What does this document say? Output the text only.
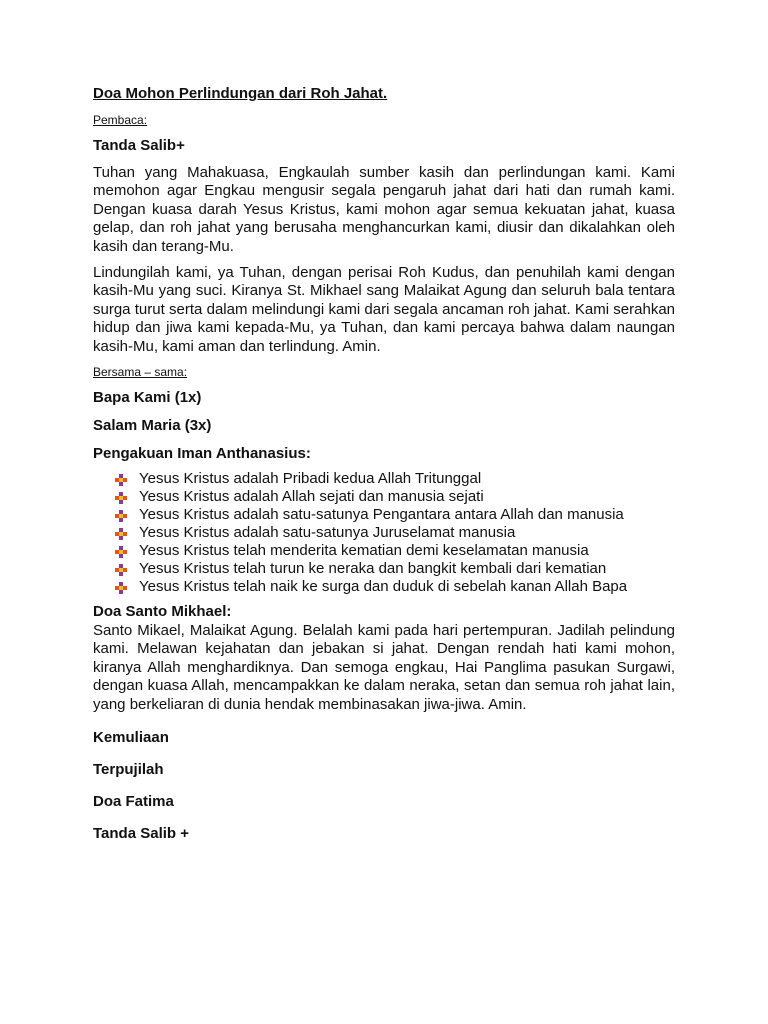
Doa Mohon Perlindungan dari Roh Jahat.

Pembaca:

Tanda Salib+

Tuhan yang Mahakuasa, Engkaulah sumber kasih dan perlindungan kami. Kami memohon agar Engkau mengusir segala pengaruh jahat dari hati dan rumah kami. Dengan kuasa darah Yesus Kristus, kami mohon agar semua kekuatan jahat, kuasa gelap, dan roh jahat yang berusaha menghancurkan kami, diusir dan dikalahkan oleh kasih dan terang-Mu.

Lindungilah kami, ya Tuhan, dengan perisai Roh Kudus, dan penuhilah kami dengan kasih-Mu yang suci. Kiranya St. Mikhael sang Malaikat Agung dan seluruh bala tentara surga turut serta dalam melindungi kami dari segala ancaman roh jahat. Kami serahkan hidup dan jiwa kami kepada-Mu, ya Tuhan, dan kami percaya bahwa dalam naungan kasih-Mu, kami aman dan terlindung. Amin.

Bersama – sama:

Bapa Kami (1x)

Salam Maria (3x)

Pengakuan Iman Anthanasius:

Yesus Kristus adalah Pribadi kedua Allah Tritunggal
Yesus Kristus adalah Allah sejati dan manusia sejati
Yesus Kristus adalah satu-satunya Pengantara antara Allah dan manusia
Yesus Kristus adalah satu-satunya Juruselamat manusia
Yesus Kristus telah menderita kematian demi keselamatan manusia
Yesus Kristus telah turun ke neraka dan bangkit kembali dari kematian
Yesus Kristus telah naik ke surga dan duduk di sebelah kanan Allah Bapa

Doa Santo Mikhael:

Santo Mikael, Malaikat Agung. Belalah kami pada hari pertempuran. Jadilah pelindung kami. Melawan kejahatan dan jebakan si jahat. Dengan rendah hati kami mohon, kiranya Allah menghardiknya. Dan semoga engkau, Hai Panglima pasukan Surgawi, dengan kuasa Allah, mencampakkan ke dalam neraka, setan dan semua roh jahat lain, yang berkeliaran di dunia hendak membinasakan jiwa-jiwa. Amin.

Kemuliaan

Terpujilah

Doa Fatima

Tanda Salib +
